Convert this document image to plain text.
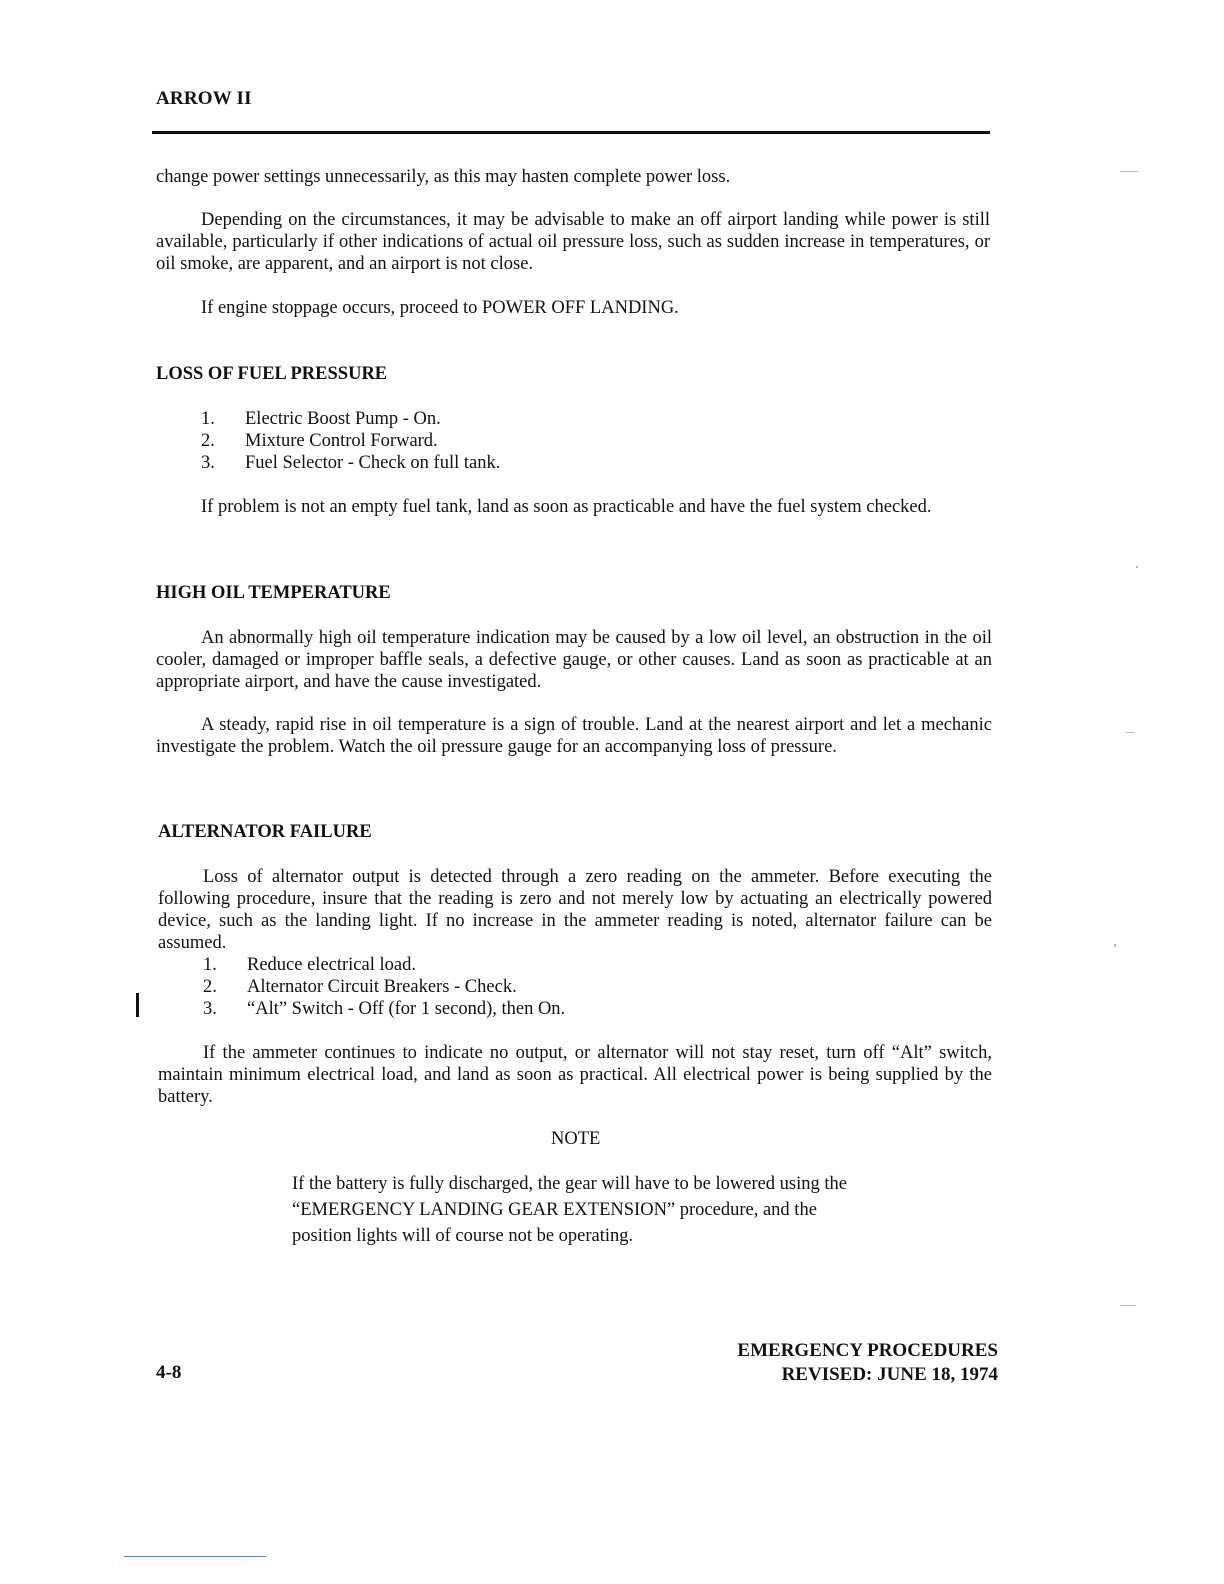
ARROW II
change power settings unnecessarily, as this may hasten complete power loss.
Depending on the circumstances, it may be advisable to make an off airport landing while power is still available, particularly if other indications of actual oil pressure loss, such as sudden increase in temperatures, or oil smoke, are apparent, and an airport is not close.
If engine stoppage occurs, proceed to POWER OFF LANDING.
LOSS OF FUEL PRESSURE
1.	Electric Boost Pump - On.
2.	Mixture Control Forward.
3.	Fuel Selector - Check on full tank.
If problem is not an empty fuel tank, land as soon as practicable and have the fuel system checked.
HIGH OIL TEMPERATURE
An abnormally high oil temperature indication may be caused by a low oil level, an obstruction in the oil cooler, damaged or improper baffle seals, a defective gauge, or other causes. Land as soon as practicable at an appropriate airport, and have the cause investigated.
A steady, rapid rise in oil temperature is a sign of trouble. Land at the nearest airport and let a mechanic investigate the problem. Watch the oil pressure gauge for an accompanying loss of pressure.
ALTERNATOR FAILURE
Loss of alternator output is detected through a zero reading on the ammeter. Before executing the following procedure, insure that the reading is zero and not merely low by actuating an electrically powered device, such as the landing light. If no increase in the ammeter reading is noted, alternator failure can be assumed.
1.	Reduce electrical load.
2.	Alternator Circuit Breakers - Check.
3.	“Alt” Switch - Off (for 1 second), then On.
If the ammeter continues to indicate no output, or alternator will not stay reset, turn off “Alt” switch, maintain minimum electrical load, and land as soon as practical. All electrical power is being supplied by the battery.
NOTE
If the battery is fully discharged, the gear will have to be lowered using the “EMERGENCY LANDING GEAR EXTENSION” procedure, and the position lights will of course not be operating.
4-8
EMERGENCY PROCEDURES
REVISED: JUNE 18, 1974
